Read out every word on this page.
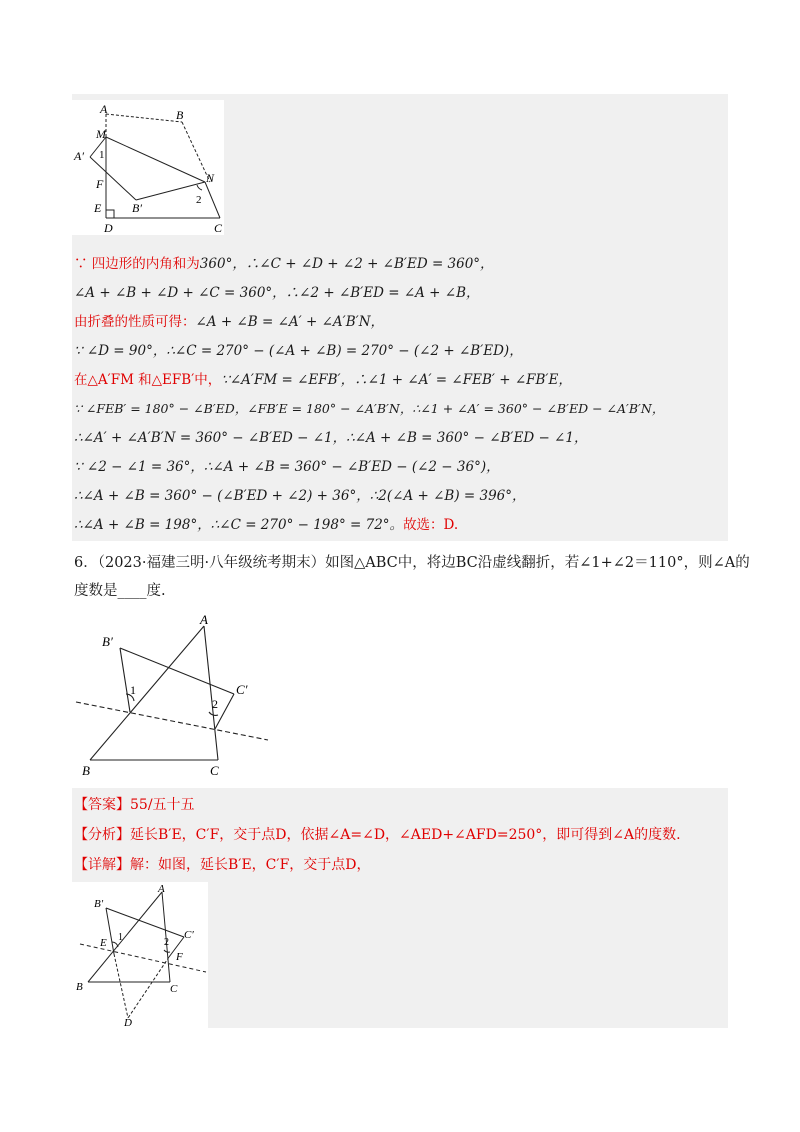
A	B
M
A′ 1
F	N
2
E	B′
D	C
∵ 四边形的内角和为360°，∴∠C + ∠D + ∠2 + ∠B′ED = 360°，
∠A + ∠B + ∠D + ∠C = 360°，∴∠2 + ∠B′ED = ∠A + ∠B，
由折叠的性质可得：∠A + ∠B = ∠A′ + ∠A′B′N，
∵ ∠D = 90°，∴∠C = 270° − (∠A + ∠B) = 270° − (∠2 + ∠B′ED)，
在△A′FM 和△EFB′中，∵∠A′FM = ∠EFB′，∴∠1 + ∠A′ = ∠FEB′ + ∠FB′E，
∵ ∠FEB′ = 180° − ∠B′ED，∠FB′E = 180° − ∠A′B′N，∴∠1 + ∠A′ = 360° − ∠B′ED − ∠A′B′N，
∴∠A′ + ∠A′B′N = 360° − ∠B′ED − ∠1，∴∠A + ∠B = 360° − ∠B′ED − ∠1，
∵ ∠2 − ∠1 = 36°，∴∠A + ∠B = 360° − ∠B′ED − (∠2 − 36°)，
∴∠A + ∠B = 360° − (∠B′ED + ∠2) + 36°，∴2(∠A + ∠B) = 396°，
∴∠A + ∠B = 198°，∴∠C = 270° − 198° = 72°。故选：D.
6．（2023·福建三明·八年级统考期末）如图△ABC中，将边BC沿虚线翻折，若∠1+∠2＝110°，则∠A的
度数是____度.
A
B′
1
2
C′
B	C
【答案】55/五十五
【分析】延长B′E，C′F，交于点D，依据∠A=∠D，∠AED+∠AFD=250°，即可得到∠A的度数.
【详解】解：如图，延长B′E，C′F，交于点D，
A
B′
E 1	2
C′
F
B	C
D
